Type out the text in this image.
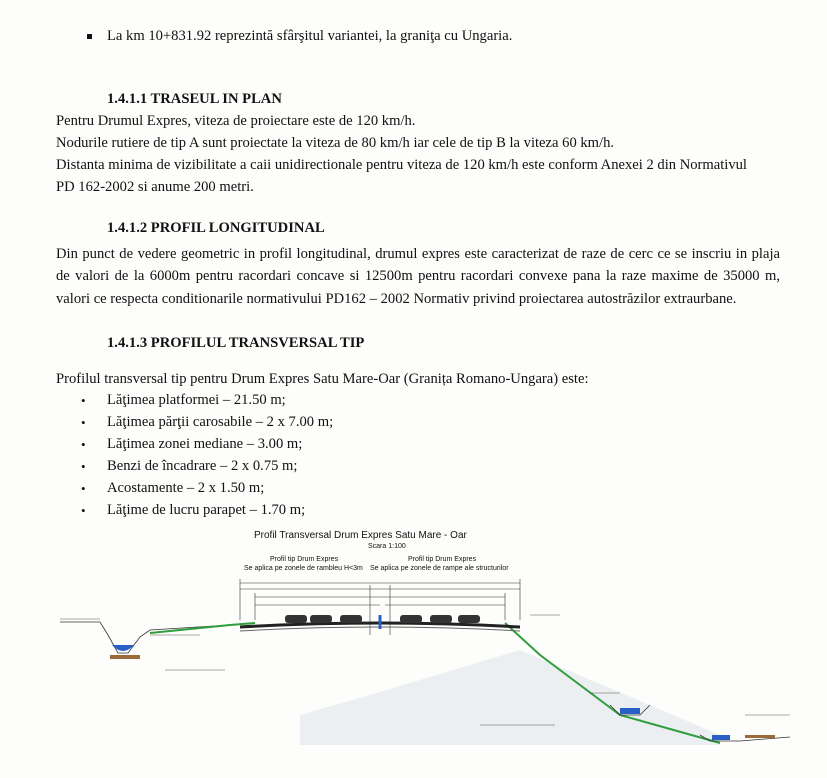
La km 10+831.92 reprezintă sfârşitul variantei, la graniţa cu Ungaria.
1.4.1.1 TRASEUL IN PLAN
Pentru Drumul Expres, viteza de proiectare este de 120 km/h.
Nodurile rutiere de tip A sunt proiectate la viteza de 80 km/h iar cele de tip B la viteza 60 km/h.
Distanta minima de vizibilitate a caii unidirectionale pentru viteza de 120 km/h este conform Anexei 2 din Normativul
PD 162-2002 si anume 200 metri.
1.4.1.2 PROFIL LONGITUDINAL
Din punct de vedere geometric in profil longitudinal, drumul expres este caracterizat de raze de cerc ce se inscriu in plaja de valori de la 6000m pentru racordari concave si 12500m pentru racordari convexe pana la raze maxime de 35000 m, valori ce respecta conditionarile normativului PD162 – 2002 Normativ privind proiectarea autostrăzilor extraurbane.
1.4.1.3 PROFILUL TRANSVERSAL TIP
Profilul transversal tip pentru Drum Expres Satu Mare-Oar (Granița Romano-Ungara) este:
• Lăţimea platformei – 21.50 m;
• Lăţimea părţii carosabile – 2 x 7.00 m;
• Lăţimea zonei mediane – 3.00 m;
• Benzi de încadrare – 2 x 0.75 m;
• Acostamente – 2 x 1.50 m;
• Lăţime de lucru parapet – 1.70 m;
Profil Transversal Drum Expres Satu Mare - Oar
Scara 1:100
Profil tip Drum Expres
Se aplica pe zonele de rambleu H<3m
Profil tip Drum Expres
Se aplica pe zonele de rampe ale structurilor
